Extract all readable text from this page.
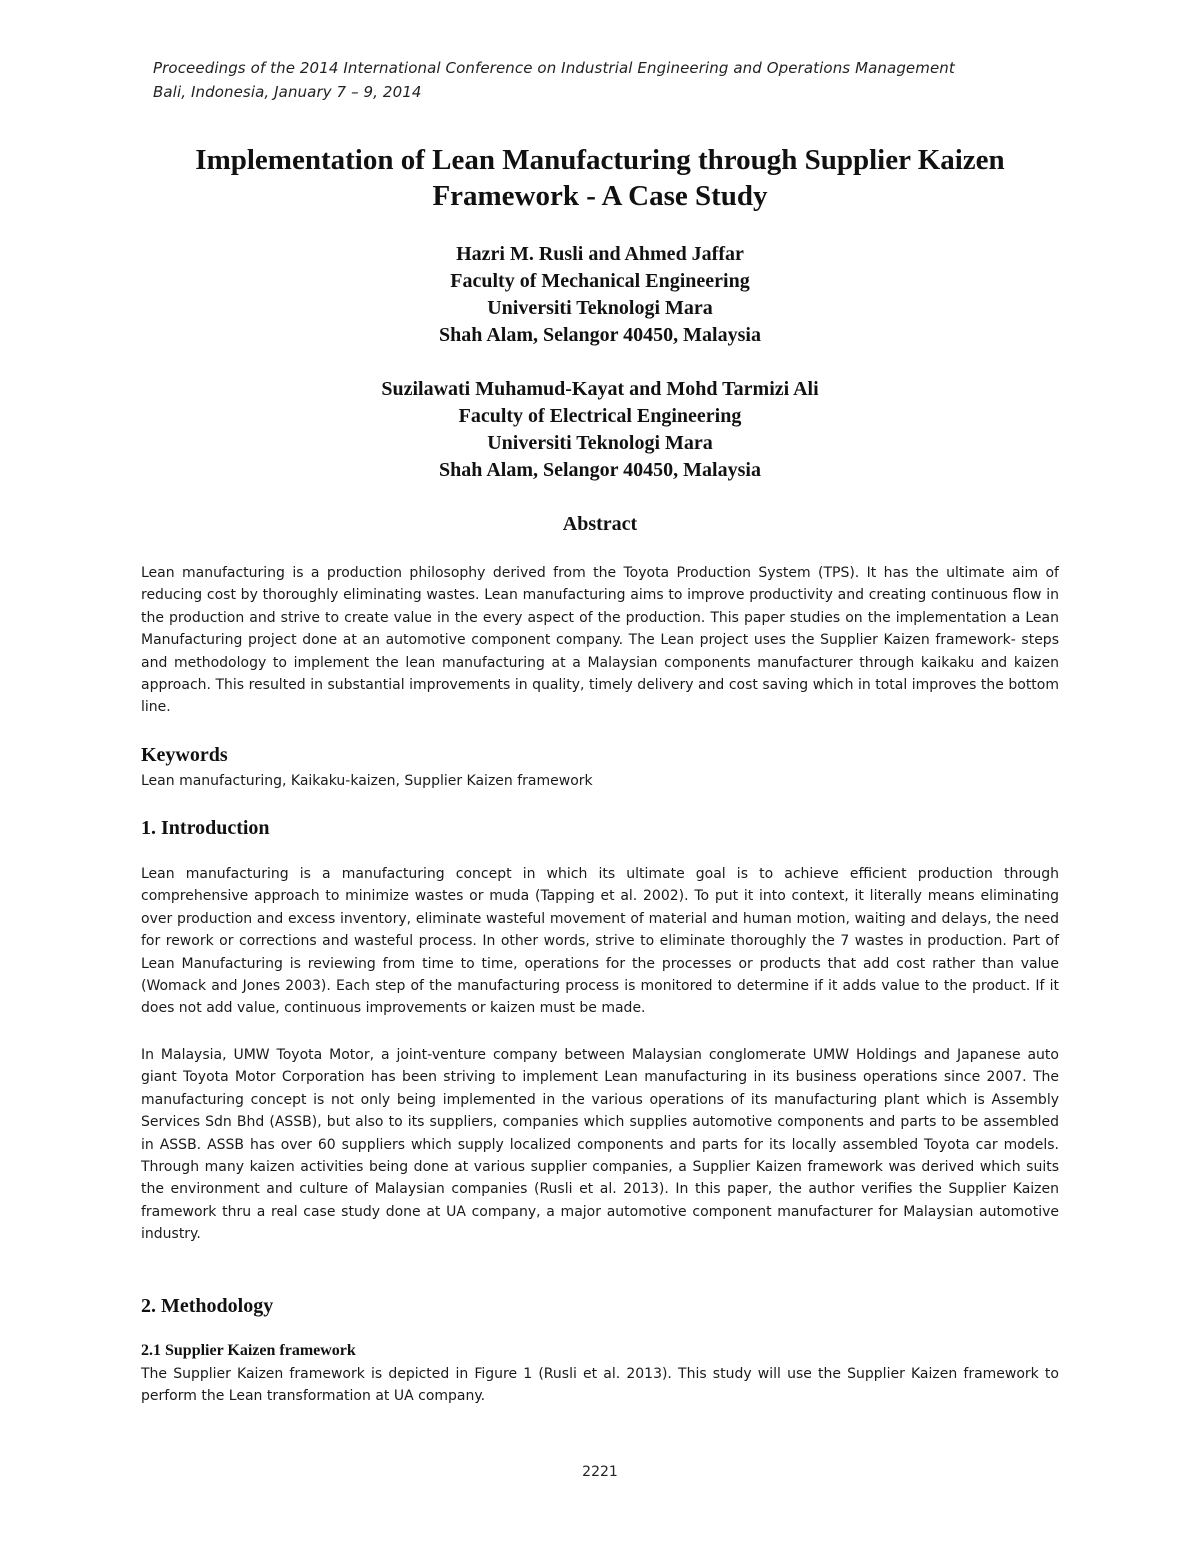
Proceedings of the 2014 International Conference on Industrial Engineering and Operations Management
Bali, Indonesia, January 7 – 9, 2014
Implementation of Lean Manufacturing through Supplier Kaizen
Framework - A Case Study
Hazri M. Rusli and Ahmed Jaffar
Faculty of Mechanical Engineering
Universiti Teknologi Mara
Shah Alam, Selangor 40450, Malaysia
Suzilawati Muhamud-Kayat and Mohd Tarmizi Ali
Faculty of Electrical Engineering
Universiti Teknologi Mara
Shah Alam, Selangor 40450, Malaysia
Abstract

Lean manufacturing is a production philosophy derived from the Toyota Production System (TPS). It has the ultimate aim of reducing cost by thoroughly eliminating wastes. Lean manufacturing aims to improve productivity and creating continuous flow in the production and strive to create value in the every aspect of the production. This paper studies on the implementation a Lean Manufacturing project done at an automotive component company. The Lean project uses the Supplier Kaizen framework- steps and methodology to implement the lean manufacturing at a Malaysian components manufacturer through kaikaku and kaizen approach. This resulted in substantial improvements in quality, timely delivery and cost saving which in total improves the bottom line.

Keywords

Lean manufacturing, Kaikaku-kaizen, Supplier Kaizen framework

1. Introduction

Lean manufacturing is a manufacturing concept in which its ultimate goal is to achieve efficient production through comprehensive approach to minimize wastes or muda (Tapping et al. 2002). To put it into context, it literally means eliminating over production and excess inventory, eliminate wasteful movement of material and human motion, waiting and delays, the need for rework or corrections and wasteful process. In other words, strive to eliminate thoroughly the 7 wastes in production. Part of Lean Manufacturing is reviewing from time to time, operations for the processes or products that add cost rather than value (Womack and Jones 2003). Each step of the manufacturing process is monitored to determine if it adds value to the product. If it does not add value, continuous improvements or kaizen must be made.

In Malaysia, UMW Toyota Motor, a joint-venture company between Malaysian conglomerate UMW Holdings and Japanese auto giant Toyota Motor Corporation has been striving to implement Lean manufacturing in its business operations since 2007. The manufacturing concept is not only being implemented in the various operations of its manufacturing plant which is Assembly Services Sdn Bhd (ASSB), but also to its suppliers, companies which supplies automotive components and parts to be assembled in ASSB. ASSB has over 60 suppliers which supply localized components and parts for its locally assembled Toyota car models. Through many kaizen activities being done at various supplier companies, a Supplier Kaizen framework was derived which suits the environment and culture of Malaysian companies (Rusli et al. 2013). In this paper, the author verifies the Supplier Kaizen framework thru a real case study done at UA company, a major automotive component manufacturer for Malaysian automotive industry.

2. Methodology
2.1 Supplier Kaizen framework

The Supplier Kaizen framework is depicted in Figure 1 (Rusli et al. 2013). This study will use the Supplier Kaizen framework to perform the Lean transformation at UA company.

2221
